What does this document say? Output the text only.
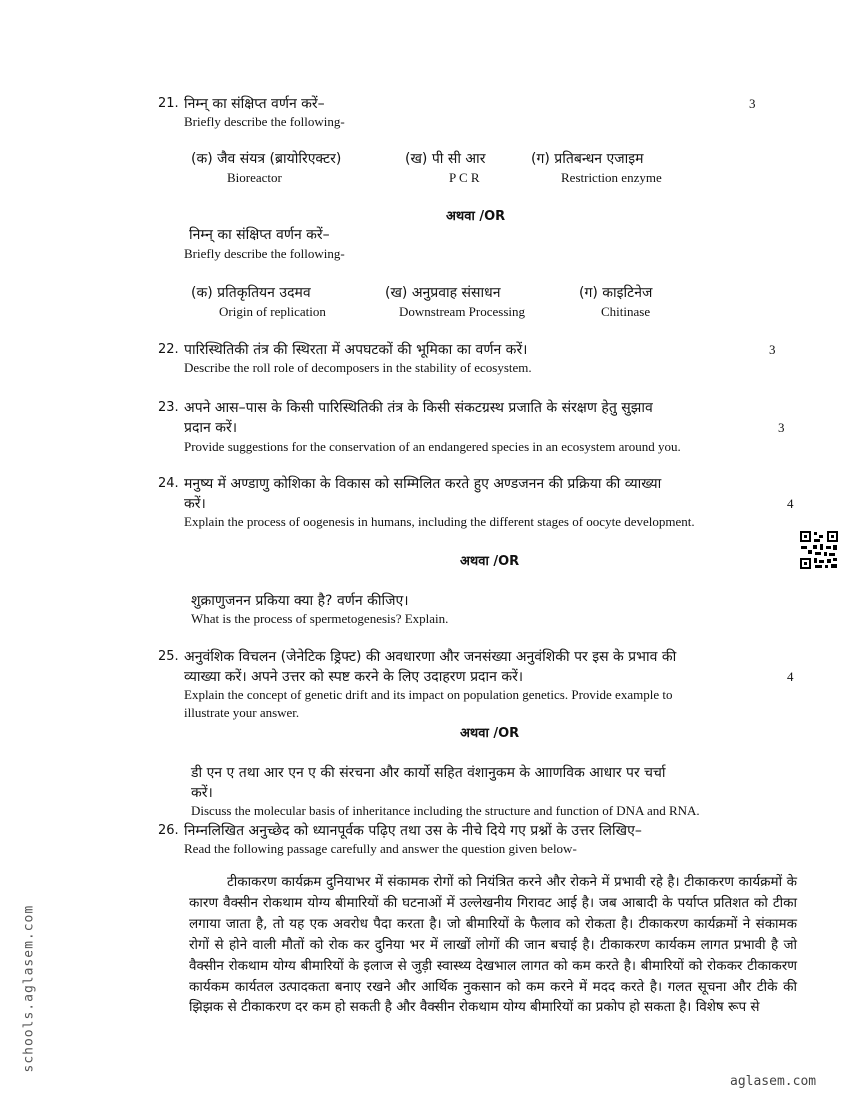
21. निम्न् का संक्षिप्त वर्णन करें–	3
Briefly describe the following-
(क) जैव संयत्र (ब्रायोरिएक्टर)
Bioreactor
(ख) पी सी आर
P C R
(ग) प्रतिबन्धन एजाइम
Restriction enzyme
अथवा /OR
निम्न् का संक्षिप्त वर्णन करें–
Briefly describe the following-
(क) प्रतिकृतियन उदमव
Origin of replication
(ख) अनुप्रवाह संसाधन
Downstream Processing
(ग) काइटिनेज
Chitinase
22. पारिस्थितिकी तंत्र की स्थिरता में अपघटकों की भूमिका का वर्णन करें।	3
Describe the roll role of decomposers in the stability of ecosystem.
23. अपने आस–पास के किसी पारिस्थितिकी तंत्र के किसी संकटग्रस्थ प्रजाति के संरक्षण हेतु सुझाव
प्रदान करें।	3
Provide suggestions for the conservation of an endangered species in an ecosystem around you.
24. मनुष्य में अण्डाणु कोशिका के विकास को सम्मिलित करते हुए अण्डजनन की प्रक्रिया की व्याख्या
करें।	4
Explain the process of oogenesis in humans, including the different stages of oocyte development.
अथवा /OR
शुक्राणुजनन प्रकिया क्या है? वर्णन कीजिए।
What is the process of spermetogenesis? Explain.
25. अनुवंशिक विचलन (जेनेटिक ड्रिफ्ट) की अवधारणा और जनसंख्या अनुवंशिकी पर इस के प्रभाव की
व्याख्या करें। अपने उत्तर को स्पष्ट करने के लिए उदाहरण प्रदान करें।	4
Explain the concept of genetic drift and its impact on population genetics. Provide example to
illustrate your answer.
अथवा /OR
डी एन ए तथा आर एन ए की संरचना और कार्यो सहित वंशानुकम के आाणविक आधार पर चर्चा
करें।
Discuss the molecular basis of inheritance including the structure and function of DNA and RNA.
26. निम्नलिखित अनुच्छेद को ध्यानपूर्वक पढ़िए तथा उस के नीचे दिये गए प्रश्नों के उत्तर लिखिए–
Read the following passage carefully and answer the question given below-
टीकाकरण कार्यक्रम दुनियाभर में संकामक रोगों को नियंत्रित करने और रोकने में प्रभावी रहे है। टीकाकरण कार्यक्रमों के कारण वैक्सीन रोकथाम योग्य बीमारियों की घटनाओं में उल्लेखनीय गिरावट आई है। जब आबादी के पर्याप्त प्रतिशत को टीका लगाया जाता है, तो यह एक अवरोध पैदा करता है। जो बीमारियों के फैलाव को रोकता है। टीकाकरण कार्यक्रमों ने संकामक रोगों से होने वाली मौतों को रोक कर दुनिया भर में लाखों लोगों की जान बचाई है। टीकाकरण कार्यकम लागत प्रभावी है जो वैक्सीन रोकथाम योग्य बीमारियों के इलाज से जुड़ी स्वास्थ्य देखभाल लागत को कम करते है। बीमारियों को रोककर टीकाकरण कार्यकम कार्यतल उत्पादकता बनाए रखने और आर्थिक नुकसान को कम करने में मदद करते है। गलत सूचना और टीके की झिझक से टीकाकरण दर कम हो सकती है और वैक्सीन रोकथाम योग्य बीमारियों का प्रकोप हो सकता है। विशेष रूप से
schools.aglasem.com
aglasem.com
